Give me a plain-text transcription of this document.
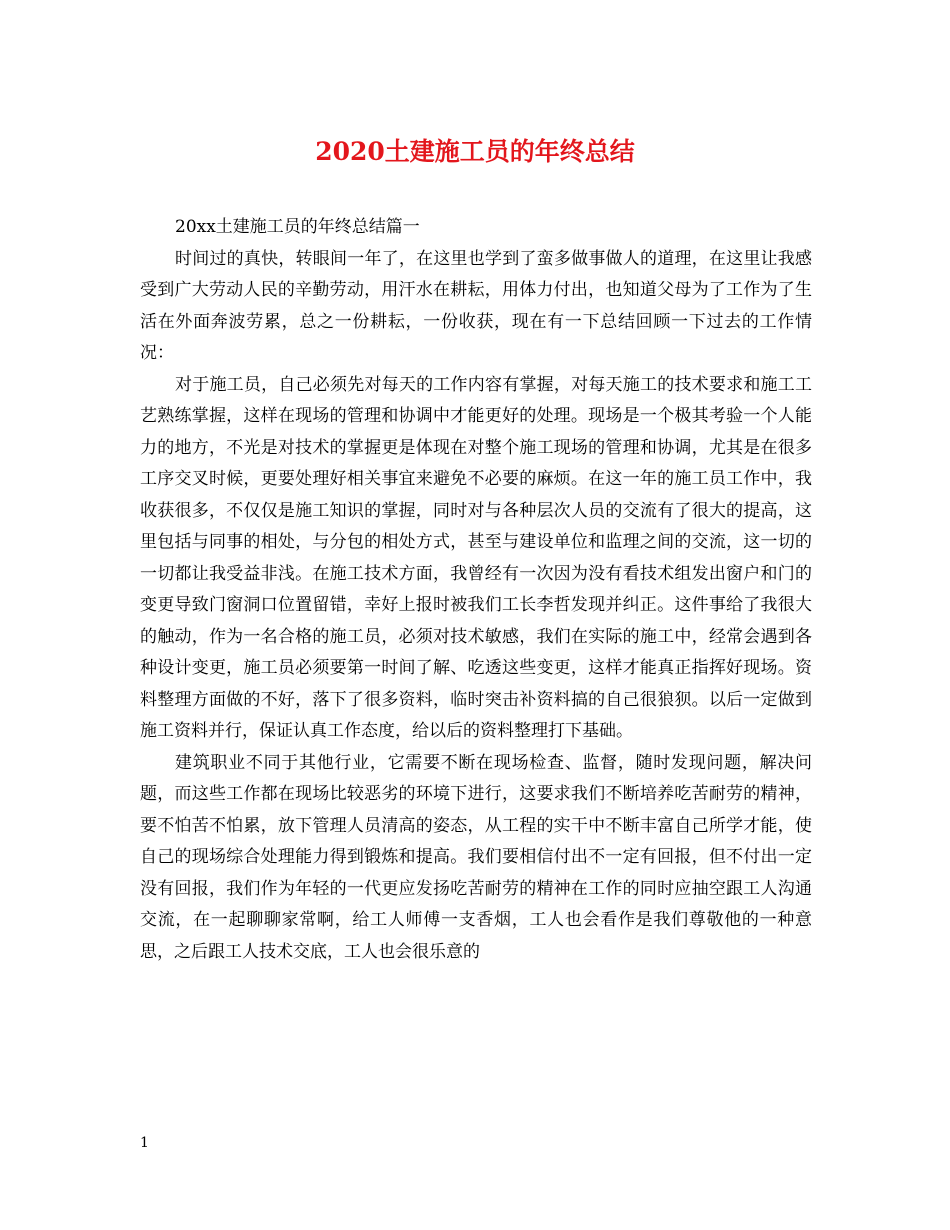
2020土建施工员的年终总结

20xx土建施工员的年终总结篇一

时间过的真快，转眼间一年了，在这里也学到了蛮多做事做人的道理，在这里让我感受到广大劳动人民的辛勤劳动，用汗水在耕耘，用体力付出，也知道父母为了工作为了生活在外面奔波劳累，总之一份耕耘，一份收获，现在有一下总结回顾一下过去的工作情况：

对于施工员，自己必须先对每天的工作内容有掌握，对每天施工的技术要求和施工工艺熟练掌握，这样在现场的管理和协调中才能更好的处理。现场是一个极其考验一个人能力的地方，不光是对技术的掌握更是体现在对整个施工现场的管理和协调，尤其是在很多工序交叉时候，更要处理好相关事宜来避免不必要的麻烦。在这一年的施工员工作中，我收获很多，不仅仅是施工知识的掌握，同时对与各种层次人员的交流有了很大的提高，这里包括与同事的相处，与分包的相处方式，甚至与建设单位和监理之间的交流，这一切的一切都让我受益非浅。在施工技术方面，我曾经有一次因为没有看技术组发出窗户和门的变更导致门窗洞口位置留错，幸好上报时被我们工长李哲发现并纠正。这件事给了我很大的触动，作为一名合格的施工员，必须对技术敏感，我们在实际的施工中，经常会遇到各种设计变更，施工员必须要第一时间了解、吃透这些变更，这样才能真正指挥好现场。资料整理方面做的不好，落下了很多资料，临时突击补资料搞的自己很狼狈。以后一定做到施工资料并行，保证认真工作态度，给以后的资料整理打下基础。

建筑职业不同于其他行业，它需要不断在现场检查、监督，随时发现问题，解决问题，而这些工作都在现场比较恶劣的环境下进行，这要求我们不断培养吃苦耐劳的精神，要不怕苦不怕累，放下管理人员清高的姿态，从工程的实干中不断丰富自己所学才能，使自己的现场综合处理能力得到锻炼和提高。我们要相信付出不一定有回报，但不付出一定没有回报，我们作为年轻的一代更应发扬吃苦耐劳的精神在工作的同时应抽空跟工人沟通交流，在一起聊聊家常啊，给工人师傅一支香烟，工人也会看作是我们尊敬他的一种意思，之后跟工人技术交底，工人也会很乐意的

1
